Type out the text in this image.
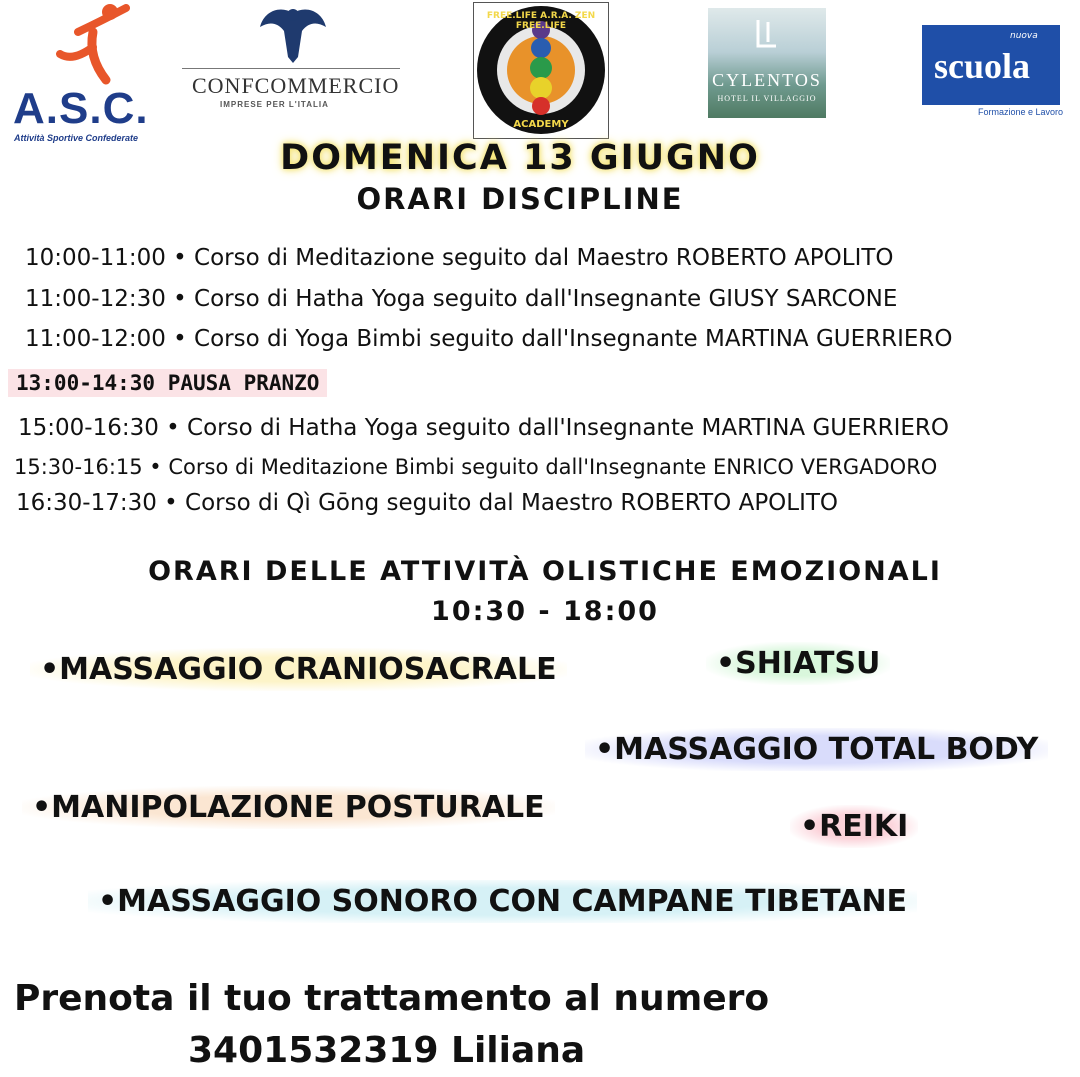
A.S.C.
Attività Sportive Confederate
CONFCOMMERCIO
IMPRESE PER L'ITALIA
FREE.LIFE A.R.A. ZEN FREE.LIFE
ACADEMY
CYLENTOS
HOTEL IL VILLAGGIO
nuova
scuola
Formazione e Lavoro
DOMENICA 13 GIUGNO
ORARI DISCIPLINE
10:00-11:00 • Corso di Meditazione seguito dal Maestro ROBERTO APOLITO
11:00-12:30 • Corso di Hatha Yoga seguito dall'Insegnante GIUSY SARCONE
11:00-12:00 • Corso di Yoga Bimbi seguito dall'Insegnante MARTINA GUERRIERO
13:00-14:30 PAUSA PRANZO
15:00-16:30 • Corso di Hatha Yoga seguito dall'Insegnante MARTINA GUERRIERO
15:30-16:15 • Corso di Meditazione Bimbi seguito dall'Insegnante ENRICO VERGADORO
16:30-17:30 • Corso di Qì Gōng seguito dal Maestro ROBERTO APOLITO
ORARI DELLE ATTIVITÀ OLISTICHE EMOZIONALI
10:30 - 18:00
•MASSAGGIO CRANIOSACRALE	•SHIATSU
•MASSAGGIO TOTAL BODY
•MANIPOLAZIONE POSTURALE
•REIKI
•MASSAGGIO SONORO CON CAMPANE TIBETANE
Prenota il tuo trattamento al numero
3401532319 Liliana
